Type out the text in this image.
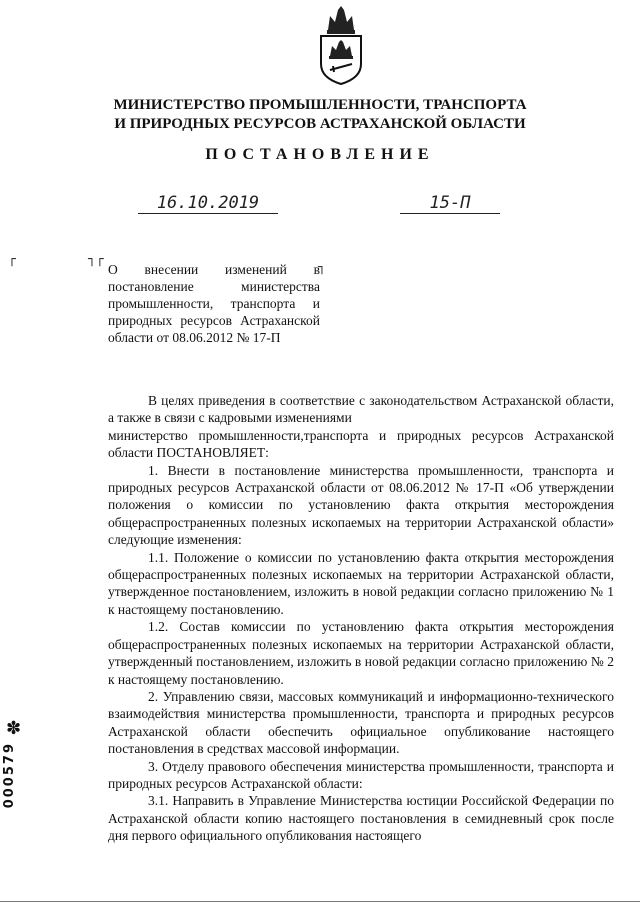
МИНИСТЕРСТВО ПРОМЫШЛЕННОСТИ, ТРАНСПОРТА
И ПРИРОДНЫХ РЕСУРСОВ АСТРАХАНСКОЙ ОБЛАСТИ
ПОСТАНОВЛЕНИЕ
16.10.2019	15-П
┌	┐┌
┐
О внесении изменений в постановление министерства промышленности, транспорта и природных ресурсов Астраханской области от 08.06.2012 № 17-П

В целях приведения в соответствие с законодательством Астраханской области, а также в связи с кадровыми изменениями

министерство промышленности,транспорта и природных ресурсов Астраханской области ПОСТАНОВЛЯЕТ:

1. Внести в постановление министерства промышленности, транспорта и природных ресурсов Астраханской области от 08.06.2012 № 17-П «Об утверждении положения о комиссии по установлению факта открытия месторождения общераспространенных полезных ископаемых на территории Астраханской области» следующие изменения:

1.1. Положение о комиссии по установлению факта открытия месторождения общераспространенных полезных ископаемых на территории Астраханской области, утвержденное постановлением, изложить в новой редакции согласно приложению № 1 к настоящему постановлению.

1.2. Состав комиссии по установлению факта открытия месторождения общераспространенных полезных ископаемых на территории Астраханской области, утвержденный постановлением, изложить в новой редакции согласно приложению № 2 к настоящему постановлению.

2. Управлению связи, массовых коммуникаций и информационно-технического взаимодействия министерства промышленности, транспорта и природных ресурсов Астраханской области обеспечить официальное опубликование настоящего постановления в средствах массовой информации.

3. Отделу правового обеспечения министерства промышленности, транспорта и природных ресурсов Астраханской области:

3.1. Направить в Управление Министерства юстиции Российской Федерации по Астраханской области копию настоящего постановления в семидневный срок после дня первого официального опубликования настоящего

✽
000579
